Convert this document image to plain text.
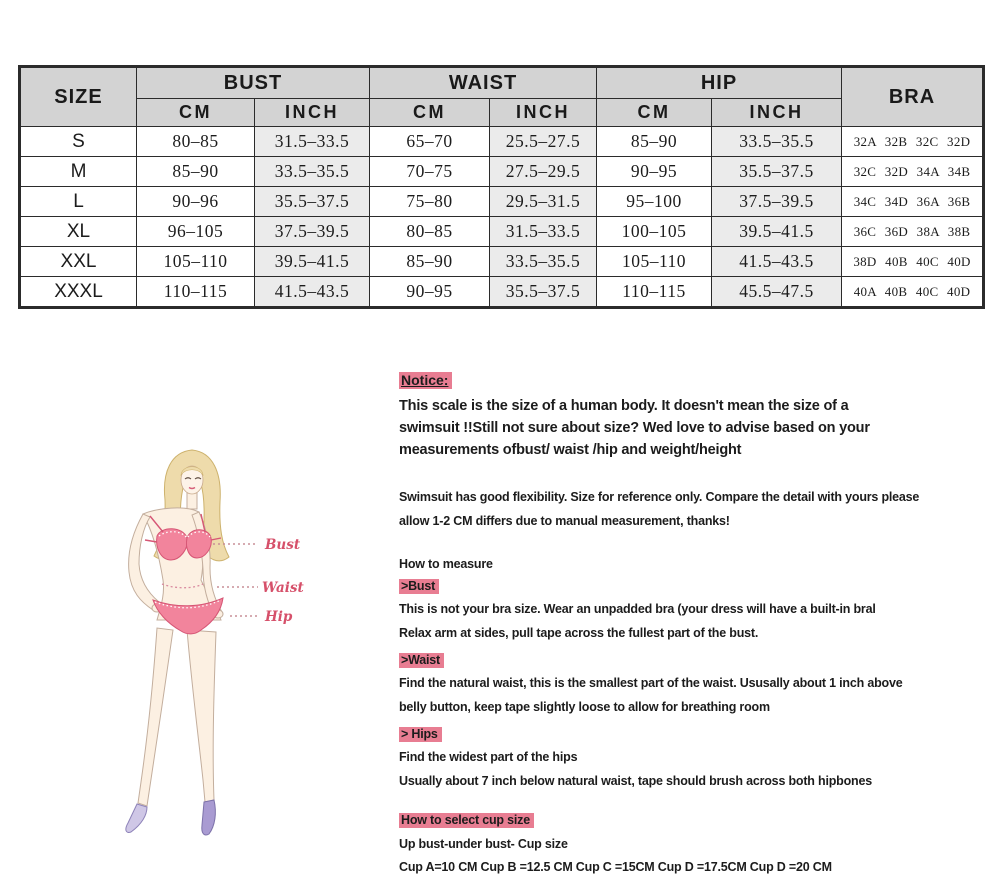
SIZE	BUST		WAIST		HIP		BRA
	CM	INCH	CM	INCH	CM	INCH	
S	80–85	31.5–33.5	65–70	25.5–27.5	85–90	33.5–35.5	32A 32B 32C 32D
M	85–90	33.5–35.5	70–75	27.5–29.5	90–95	35.5–37.5	32C 32D 34A 34B
L	90–96	35.5–37.5	75–80	29.5–31.5	95–100	37.5–39.5	34C 34D 36A 36B
XL	96–105	37.5–39.5	80–85	31.5–33.5	100–105	39.5–41.5	36C 36D 38A 38B
XXL	105–110	39.5–41.5	85–90	33.5–35.5	105–110	41.5–43.5	38D 40B 40C 40D
XXXL	110–115	41.5–43.5	90–95	35.5–37.5	110–115	45.5–47.5	40A 40B 40C 40D
Bust
Waist
Hip
Notice:
This scale is the size of a human body. It doesn't mean the size of a
swimsuit !!Still not sure about size? Wed love to advise based on your
measurements ofbust/ waist /hip and weight/height
Swimsuit has good flexibility. Size for reference only. Compare the detail with yours please
allow 1-2 CM differs due to manual measurement, thanks!
How to measure
>Bust
This is not your bra size. Wear an unpadded bra (your dress will have a built-in bral
Relax arm at sides, pull tape across the fullest part of the bust.
>Waist
Find the natural waist, this is the smallest part of the waist. Ususally about 1 inch above
belly button, keep tape slightly loose to allow for breathing room
> Hips
Find the widest part of the hips
Usually about 7 inch below natural waist, tape should brush across both hipbones
How to select cup size
Up bust-under bust- Cup size
Cup A=10 CM Cup B =12.5 CM Cup C =15CM Cup D =17.5CM Cup D =20 CM
